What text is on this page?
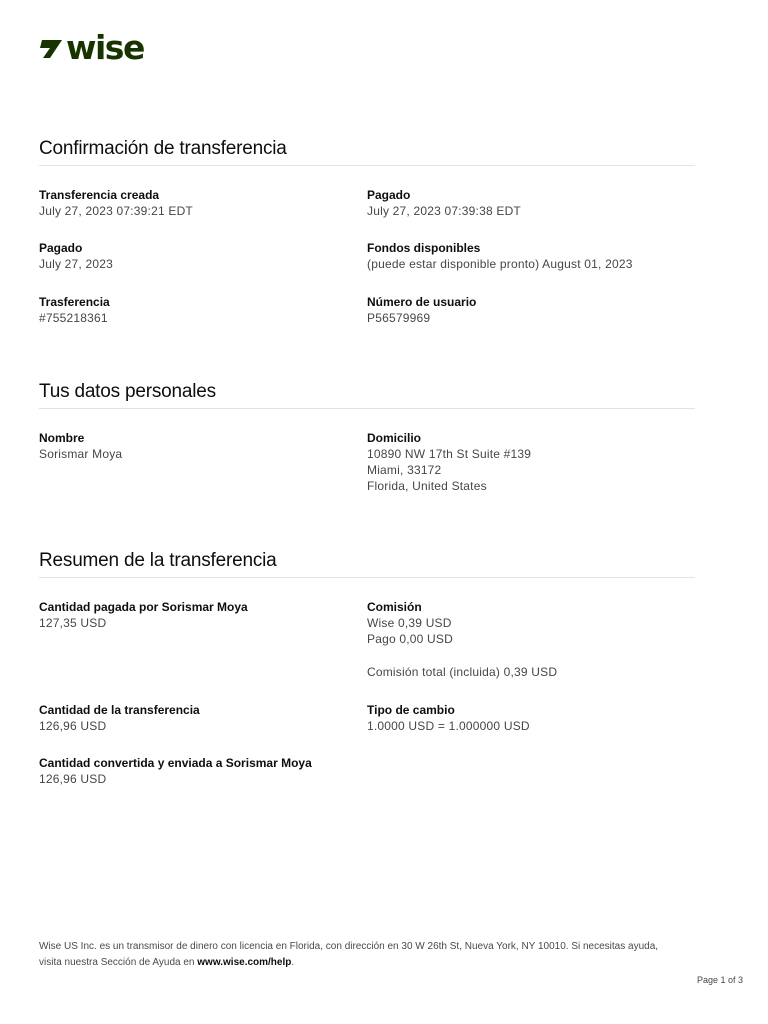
wise
Confirmación de transferencia
Transferencia creada
July 27, 2023 07:39:21 EDT
Pagado
July 27, 2023 07:39:38 EDT
Pagado
July 27, 2023
Fondos disponibles
(puede estar disponible pronto) August 01, 2023
Trasferencia
#755218361
Número de usuario
P56579969
Tus datos personales
Nombre
Sorismar Moya
Domicilio
10890 NW 17th St Suite #139
Miami, 33172
Florida, United States
Resumen de la transferencia
Cantidad pagada por Sorismar Moya
127,35 USD
Comisión
Wise 0,39 USD
Pago 0,00 USD
Comisión total (incluida) 0,39 USD
Cantidad de la transferencia
126,96 USD
Tipo de cambio
1.0000 USD = 1.000000 USD
Cantidad convertida y enviada a Sorismar Moya
126,96 USD
Wise US Inc. es un transmisor de dinero con licencia en Florida, con dirección en 30 W 26th St, Nueva York, NY 10010. Si necesitas ayuda, visita nuestra Sección de Ayuda en www.wise.com/help.
Page 1 of 3
